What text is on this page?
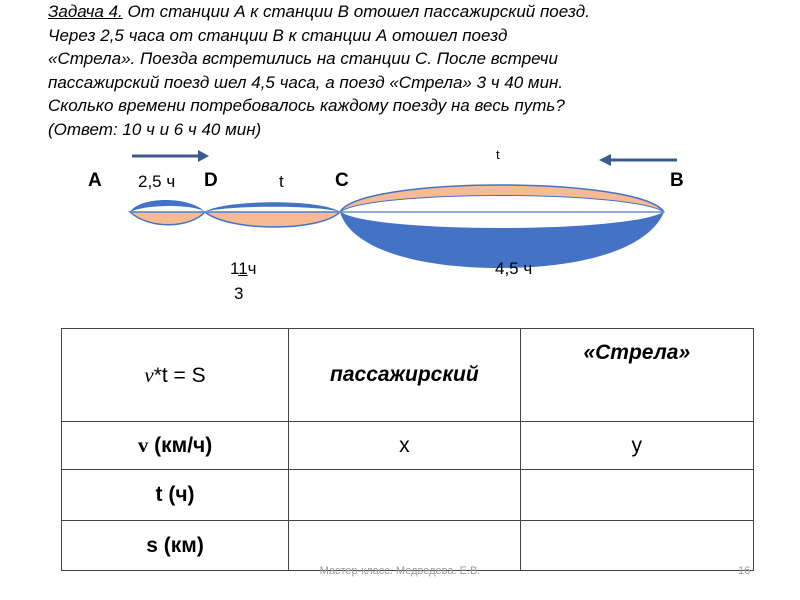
Задача 4. От станции А к станции В отошел пассажирский поезд.
Через 2,5 часа от станции В к станции А отошел поезд
«Стрела». Поезда встретились на станции С. После встречи
пассажирский поезд шел 4,5 часа, а поезд «Стрела» 3 ч 40 мин.
Сколько времени потребовалось каждому поезду на весь путь?
(Ответ: 10 ч и 6 ч 40 мин)
А 2,5 ч D	t	C
t
B
11ч
3
4,5 ч
v*t = S	пассажирский	«Стрела»
v (км/ч)	x	y
t (ч)		
s (км)		
Мастер-класс. Медведева. Е.В.	16
